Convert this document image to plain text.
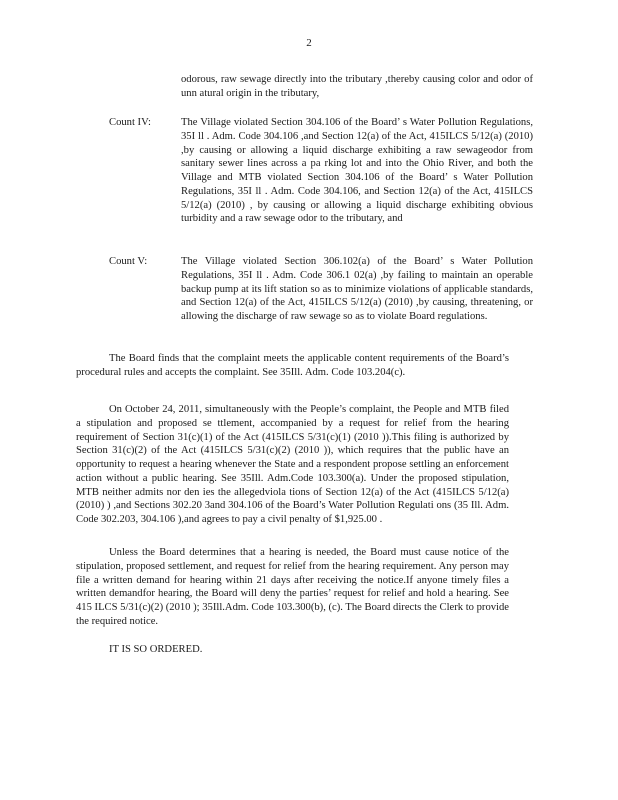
2
odorous, raw sewage directly into the tributary ,thereby causing color and odor of unn atural origin in the tributary,
Count IV:	The Village violated Section 304.106 of the Board’ s Water Pollution Regulations, 35I ll . Adm. Code 304.106 ,and Section 12(a) of the Act, 415ILCS 5/12(a) (2010) ,by causing or allowing a liquid discharge exhibiting a raw sewageodor from sanitary sewer lines across a pa rking lot and into the Ohio River, and both the Village and MTB violated Section 304.106 of the Board’ s Water Pollution Regulations, 35I ll . Adm. Code 304.106, and Section 12(a) of the Act, 415ILCS 5/12(a) (2010) , by causing or allowing a liquid discharge exhibiting obvious turbidity and a raw sewage odor to the tributary, and
Count V:	The Village violated Section 306.102(a) of the Board’ s Water Pollution Regulations, 35I ll . Adm. Code 306.1 02(a) ,by failing to maintain an operable backup pump at its lift station so as to minimize violations of applicable standards, and Section 12(a) of the Act, 415ILCS 5/12(a) (2010) ,by causing, threatening, or allowing the discharge of raw sewage so as to violate Board regulations.
The Board finds that the complaint meets the applicable content requirements of the Board’s procedural rules and accepts the complaint. See 35Ill. Adm. Code 103.204(c).
On October 24, 2011, simultaneously with the People’s complaint, the People and MTB filed a stipulation and proposed se ttlement, accompanied by a request for relief from the hearing requirement of Section 31(c)(1) of the Act (415ILCS 5/31(c)(1) (2010 )).This filing is authorized by Section 31(c)(2) of the Act (415ILCS 5/31(c)(2) (2010 )), which requires that the public have an opportunity to request a hearing whenever the State and a respondent propose settling an enforcement action without a public hearing. See 35Ill. Adm.Code 103.300(a). Under the proposed stipulation, MTB neither admits nor den ies the allegedviola tions of Section 12(a) of the Act (415ILCS 5/12(a) (2010) ) ,and Sections 302.20 3and 304.106 of the Board’s Water Pollution Regulati ons (35 Ill. Adm. Code 302.203, 304.106 ),and agrees to pay a civil penalty of $1,925.00 .
Unless the Board determines that a hearing is needed, the Board must cause notice of the stipulation, proposed settlement, and request for relief from the hearing requirement. Any person may file a written demand for hearing within 21 days after receiving the notice.If anyone timely files a written demandfor hearing, the Board will deny the parties’ request for relief and hold a hearing. See 415 ILCS 5/31(c)(2) (2010 ); 35Ill.Adm. Code 103.300(b), (c). The Board directs the Clerk to provide the required notice.
IT IS SO ORDERED.
